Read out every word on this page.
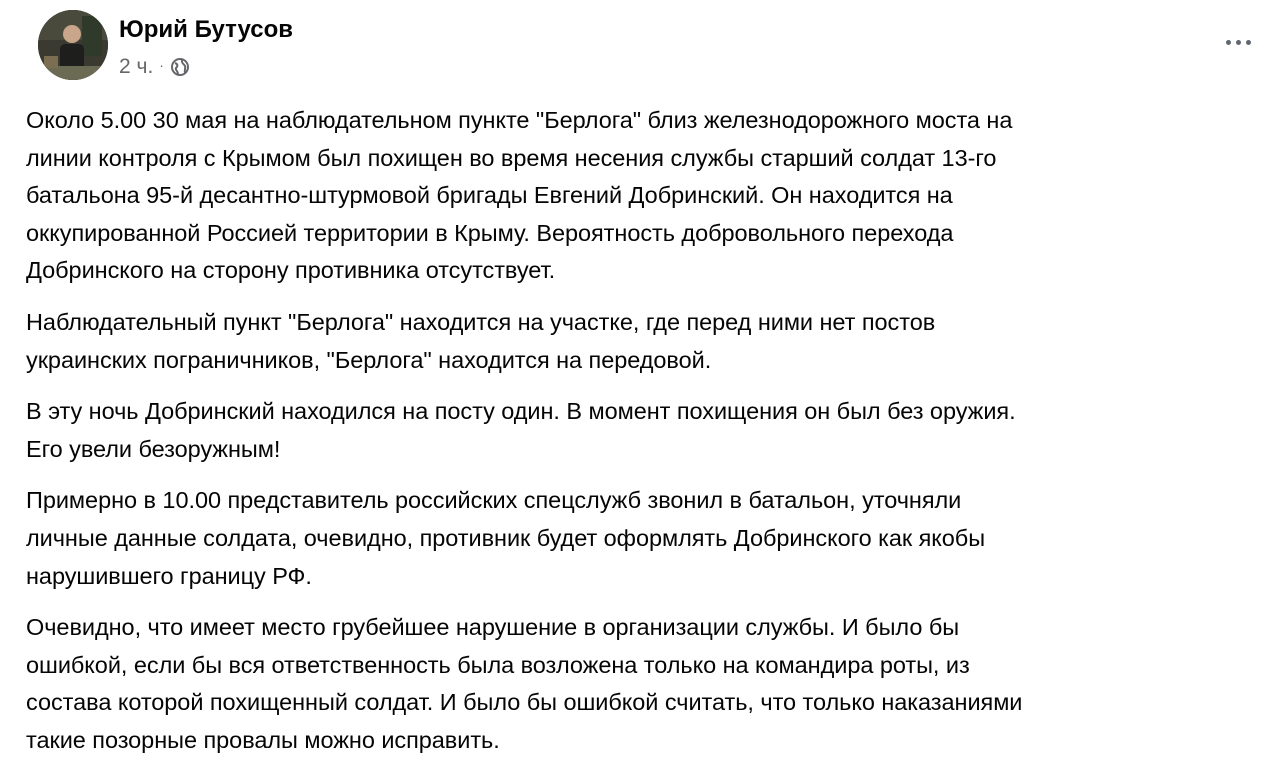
Юрий Бутусов
2 ч. ·

Около 5.00 30 мая на наблюдательном пункте "Берлога" близ железнодорожного моста на
линии контроля с Крымом был похищен во время несения службы старший солдат 13-го
батальона 95-й десантно-штурмовой бригады Евгений Добринский. Он находится на
оккупированной Россией территории в Крыму. Вероятность добровольного перехода
Добринского на сторону противника отсутствует.

Наблюдательный пункт "Берлога" находится на участке, где перед ними нет постов
украинских пограничников, "Берлога" находится на передовой.

В эту ночь Добринский находился на посту один. В момент похищения он был без оружия.
Его увели безоружным!

Примерно в 10.00 представитель российских спецслужб звонил в батальон, уточняли
личные данные солдата, очевидно, противник будет оформлять Добринского как якобы
нарушившего границу РФ.

Очевидно, что имеет место грубейшее нарушение в организации службы. И было бы
ошибкой, если бы вся ответственность была возложена только на командира роты, из
состава которой похищенный солдат. И было бы ошибкой считать, что только наказаниями
такие позорные провалы можно исправить.
